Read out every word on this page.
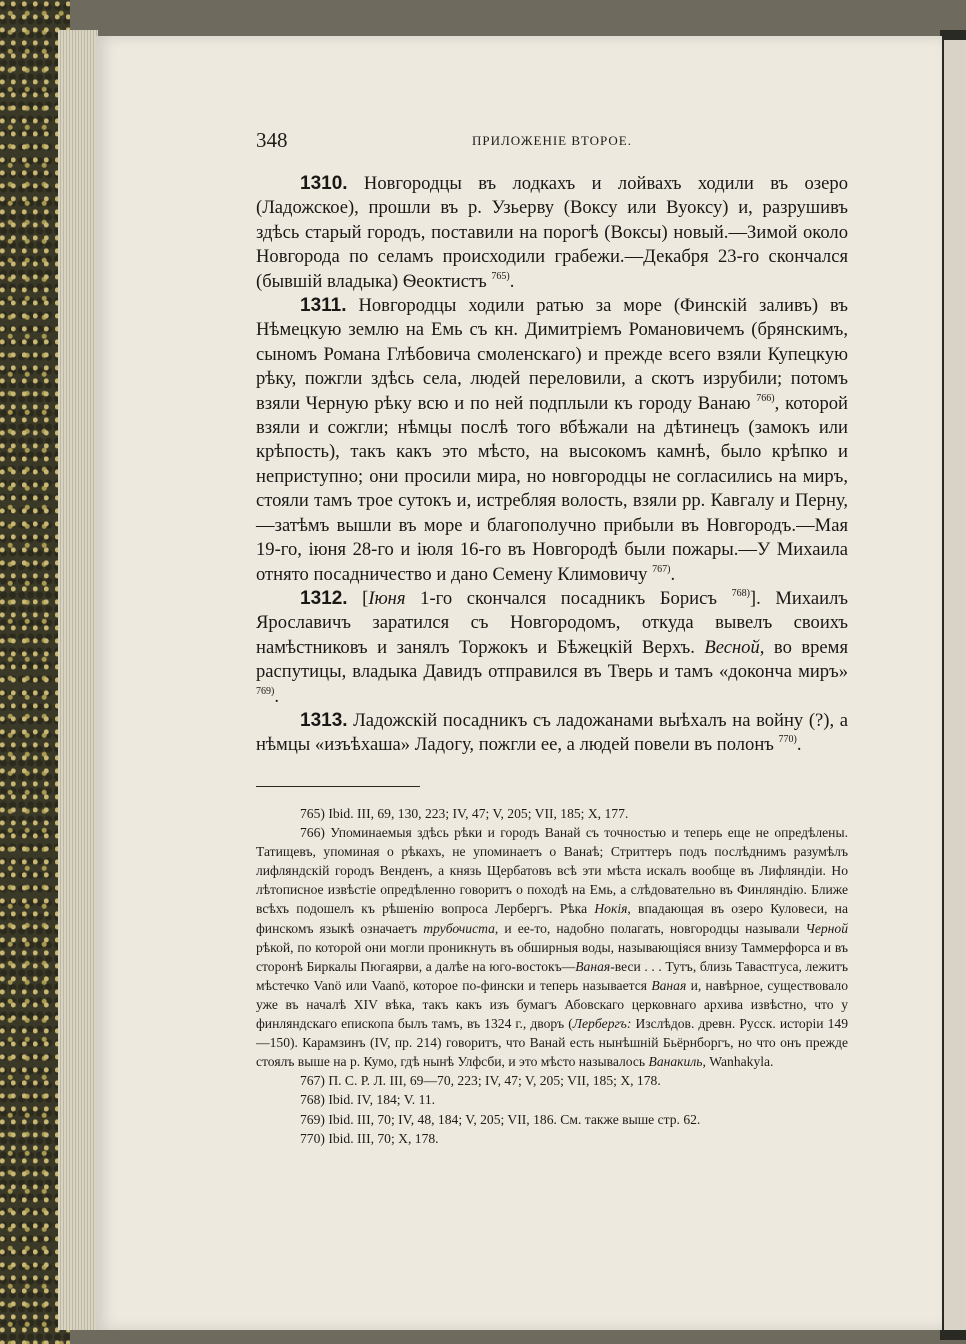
348	ПРИЛОЖЕНІЕ ВТОРОЕ.

1310. Новгородцы въ лодкахъ и лойвахъ ходили въ озеро (Ладожское), прошли въ р. Узьерву (Воксу или Вуоксу) и, разрушивъ здѣсь старый городъ, поставили на порогѣ (Воксы) новый.—Зимой около Новгорода по селамъ происходили грабежи.—Декабря 23-го скончался (бывшій владыка) Ѳеоктистъ $^{765)}$.

1311. Новгородцы ходили ратью за море (Финскій заливъ) въ Нѣмецкую землю на Емь съ кн. Димитріемъ Романовичемъ (брянскимъ, сыномъ Романа Глѣбовича смоленскаго) и прежде всего взяли Купецкую рѣку, пожгли здѣсь села, людей переловили, а скотъ изрубили; потомъ взяли Черную рѣку всю и по ней подплыли къ городу Ванаю $^{766)}$, которой взяли и сожгли; нѣмцы послѣ того вбѣжали на дѣтинецъ (замокъ или крѣпость), такъ какъ это мѣсто, на высокомъ камнѣ, было крѣпко и неприступно; они просили мира, но новгородцы не согласились на миръ, стояли тамъ трое сутокъ и, истребляя волость, взяли рр. Кавгалу и Перну,—затѣмъ вышли въ море и благополучно прибыли въ Новгородъ.—Мая 19-го, іюня 28-го и іюля 16-го въ Новгородѣ были пожары.—У Михаила отнято посадничество и дано Семену Климовичу $^{767)}$.

1312. [Іюня 1-го скончался посадникъ Борисъ $^{768)}$]. Михаилъ Ярославичъ заратился съ Новгородомъ, откуда вывелъ своихъ намѣстниковъ и занялъ Торжокъ и Бѣжецкій Верхъ. Весной, во время распутицы, владыка Давидъ отправился въ Тверь и тамъ «доконча миръ» $^{769)}$.

1313. Ладожскій посадникъ съ ладожанами выѣхалъ на войну (?), а нѣмцы «изъѣхаша» Ладогу, пожгли ее, а людей повели въ полонъ $^{770)}$.

765) Ibid. III, 69, 130, 223; IV, 47; V, 205; VII, 185; X, 177.

766) Упоминаемыя здѣсь рѣки и городъ Ванай съ точностью и теперь еще не опредѣлены. Татищевъ, упоминая о рѣкахъ, не упоминаетъ о Ванаѣ; Стриттеръ подъ послѣднимъ разумѣлъ лифляндскій городъ Венденъ, а князь Щербатовъ всѣ эти мѣста искалъ вообще въ Лифляндіи. Но лѣтописное извѣстіе опредѣленно говоритъ о походѣ на Емь, а слѣдовательно въ Финляндію. Ближе всѣхъ подошелъ къ рѣшенію вопроса Лербергъ. Рѣка Нокія, впадающая въ озеро Куловеси, на финскомъ языкѣ означаетъ трубочиста, и ее-то, надобно полагать, новгородцы называли Черной рѣкой, по которой они могли проникнуть въ обширныя воды, называющіяся внизу Таммерфорса и въ сторонѣ Биркалы Пюгаярви, а далѣе на юго-востокъ—Ваная-веси . . . Тутъ, близь Тавастгуса, лежитъ мѣстечко Vanö или Vaanö, которое по-фински и теперь называется Ваная и, навѣрное, существовало уже въ началѣ XIV вѣка, такъ какъ изъ бумагъ Абовскаго церковнаго архива извѣстно, что у финляндскаго епископа былъ тамъ, въ 1324 г., дворъ (Лербергъ: Изслѣдов. древн. Русск. исторіи 149—150). Карамзинъ (IV, пр. 214) говоритъ, что Ванай есть нынѣшній Бьёрнборгъ, но что онъ прежде стоялъ выше на р. Кумо, гдѣ нынѣ Улфсби, и это мѣсто называлось Ванакиль, Wanhakyla.

767) П. С. Р. Л. III, 69—70, 223; IV, 47; V, 205; VII, 185; X, 178.

768) Ibid. IV, 184; V. 11.

769) Ibid. III, 70; IV, 48, 184; V, 205; VII, 186. См. также выше стр. 62.

770) Ibid. III, 70; X, 178.
